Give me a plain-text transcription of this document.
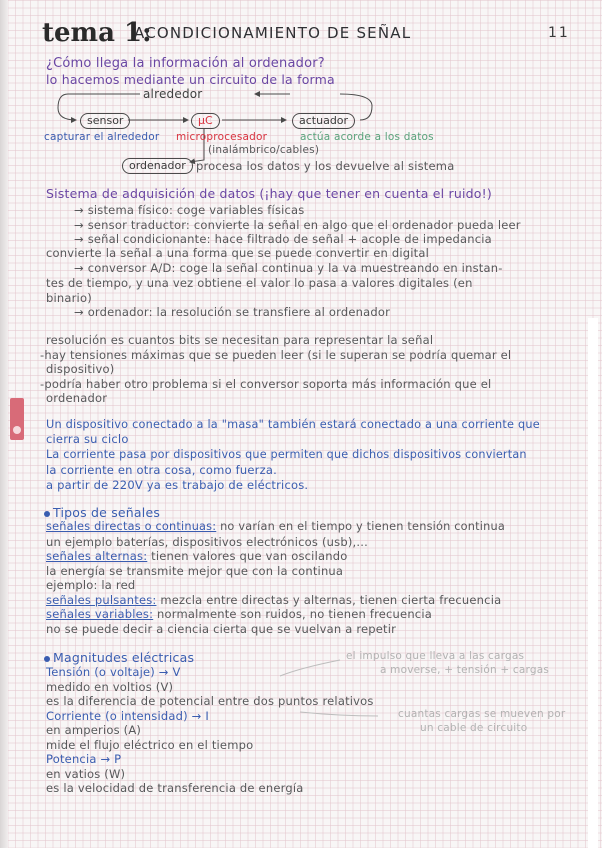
tema 1:
ACONDICIONAMIENTO DE SEÑAL	11
¿Cómo llega la información al ordenador?
lo hacemos mediante un circuito de la forma
alrededor
sensor	µC	actuador
capturar el alrededor microprocesador	actúa acorde a los datos
(inalámbrico/cables)
ordenador procesa los datos y los devuelve al sistema
Sistema de adquisición de datos (¡hay que tener en cuenta el ruido!)
→ sistema físico: coge variables físicas
→ sensor traductor: convierte la señal en algo que el ordenador pueda leer
→ señal condicionante: hace filtrado de señal + acople de impedancia
convierte la señal a una forma que se puede convertir en digital
→ conversor A/D: coge la señal continua y la va muestreando en instan-
tes de tiempo, y una vez obtiene el valor lo pasa a valores digitales (en
binario)
→ ordenador: la resolución se transfiere al ordenador
resolución es cuantos bits se necesitan para representar la señal
-hay tensiones máximas que se pueden leer (si le superan se podría quemar el
dispositivo)
-podría haber otro problema si el conversor soporta más información que el
ordenador
Un dispositivo conectado a la "masa" también estará conectado a una corriente que
cierra su ciclo
La corriente pasa por dispositivos que permiten que dichos dispositivos conviertan
la corriente en otra cosa, como fuerza.
a partir de 220V ya es trabajo de eléctricos.
Tipos de señales
señales directas o continuas: no varían en el tiempo y tienen tensión continua
un ejemplo baterías, dispositivos electrónicos (usb),...
señales alternas: tienen valores que van oscilando
la energía se transmite mejor que con la continua
ejemplo: la red
señales pulsantes: mezcla entre directas y alternas, tienen cierta frecuencia
señales variables: normalmente son ruidos, no tienen frecuencia
no se puede decir a ciencia cierta que se vuelvan a repetir
Magnitudes eléctricas
Tensión (o voltaje) → V
medido en voltios (V)
es la diferencia de potencial entre dos puntos relativos
Corriente (o intensidad) → I
en amperios (A)
mide el flujo eléctrico en el tiempo
Potencia → P
en vatios (W)
es la velocidad de transferencia de energía
el impulso que lleva a las cargas
a moverse, + tensión + cargas
cuantas cargas se mueven por
un cable de circuito
